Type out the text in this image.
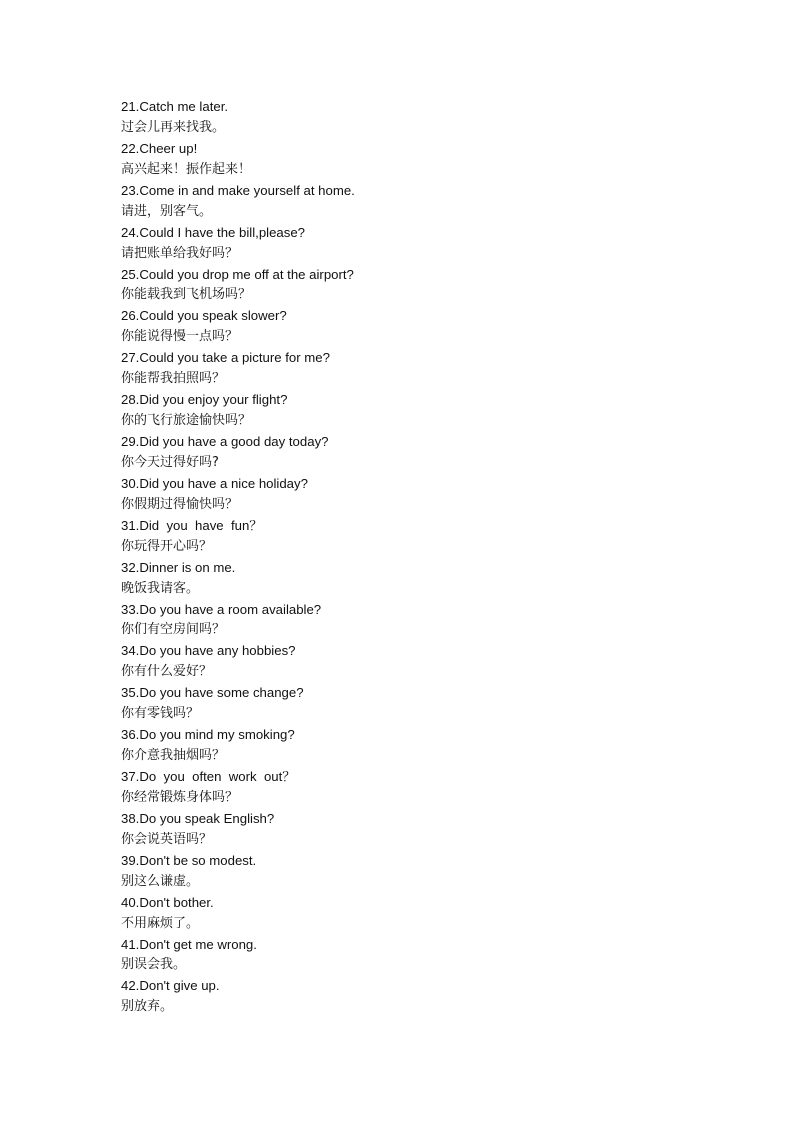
21.Catch me later.
过会儿再来找我。
22.Cheer up!
高兴起来！振作起来！
23.Come in and make yourself at home.
请进，别客气。
24.Could I have the bill,please?
请把账单给我好吗？
25.Could you drop me off at the airport?
你能载我到飞机场吗？
26.Could you speak slower?
你能说得慢一点吗？
27.Could you take a picture for me?
你能帮我拍照吗？
28.Did you enjoy your flight?
你的飞行旅途愉快吗？
29.Did you have a good day today?
你今天过得好吗?
30.Did you have a nice holiday?
你假期过得愉快吗？
31.Did  you  have  fun？
你玩得开心吗？
32.Dinner is on me.
晚饭我请客。
33.Do you have a room available?
你们有空房间吗？
34.Do you have any hobbies?
你有什么爱好？
35.Do you have some change?
你有零钱吗？
36.Do you mind my smoking?
你介意我抽烟吗？
37.Do  you  often  work  out？
你经常锻炼身体吗？
38.Do you speak English?
你会说英语吗？
39.Don't be so modest.
别这么谦虚。
40.Don't bother.
不用麻烦了。
41.Don't get me wrong.
别误会我。
42.Don't give up.
别放弃。
